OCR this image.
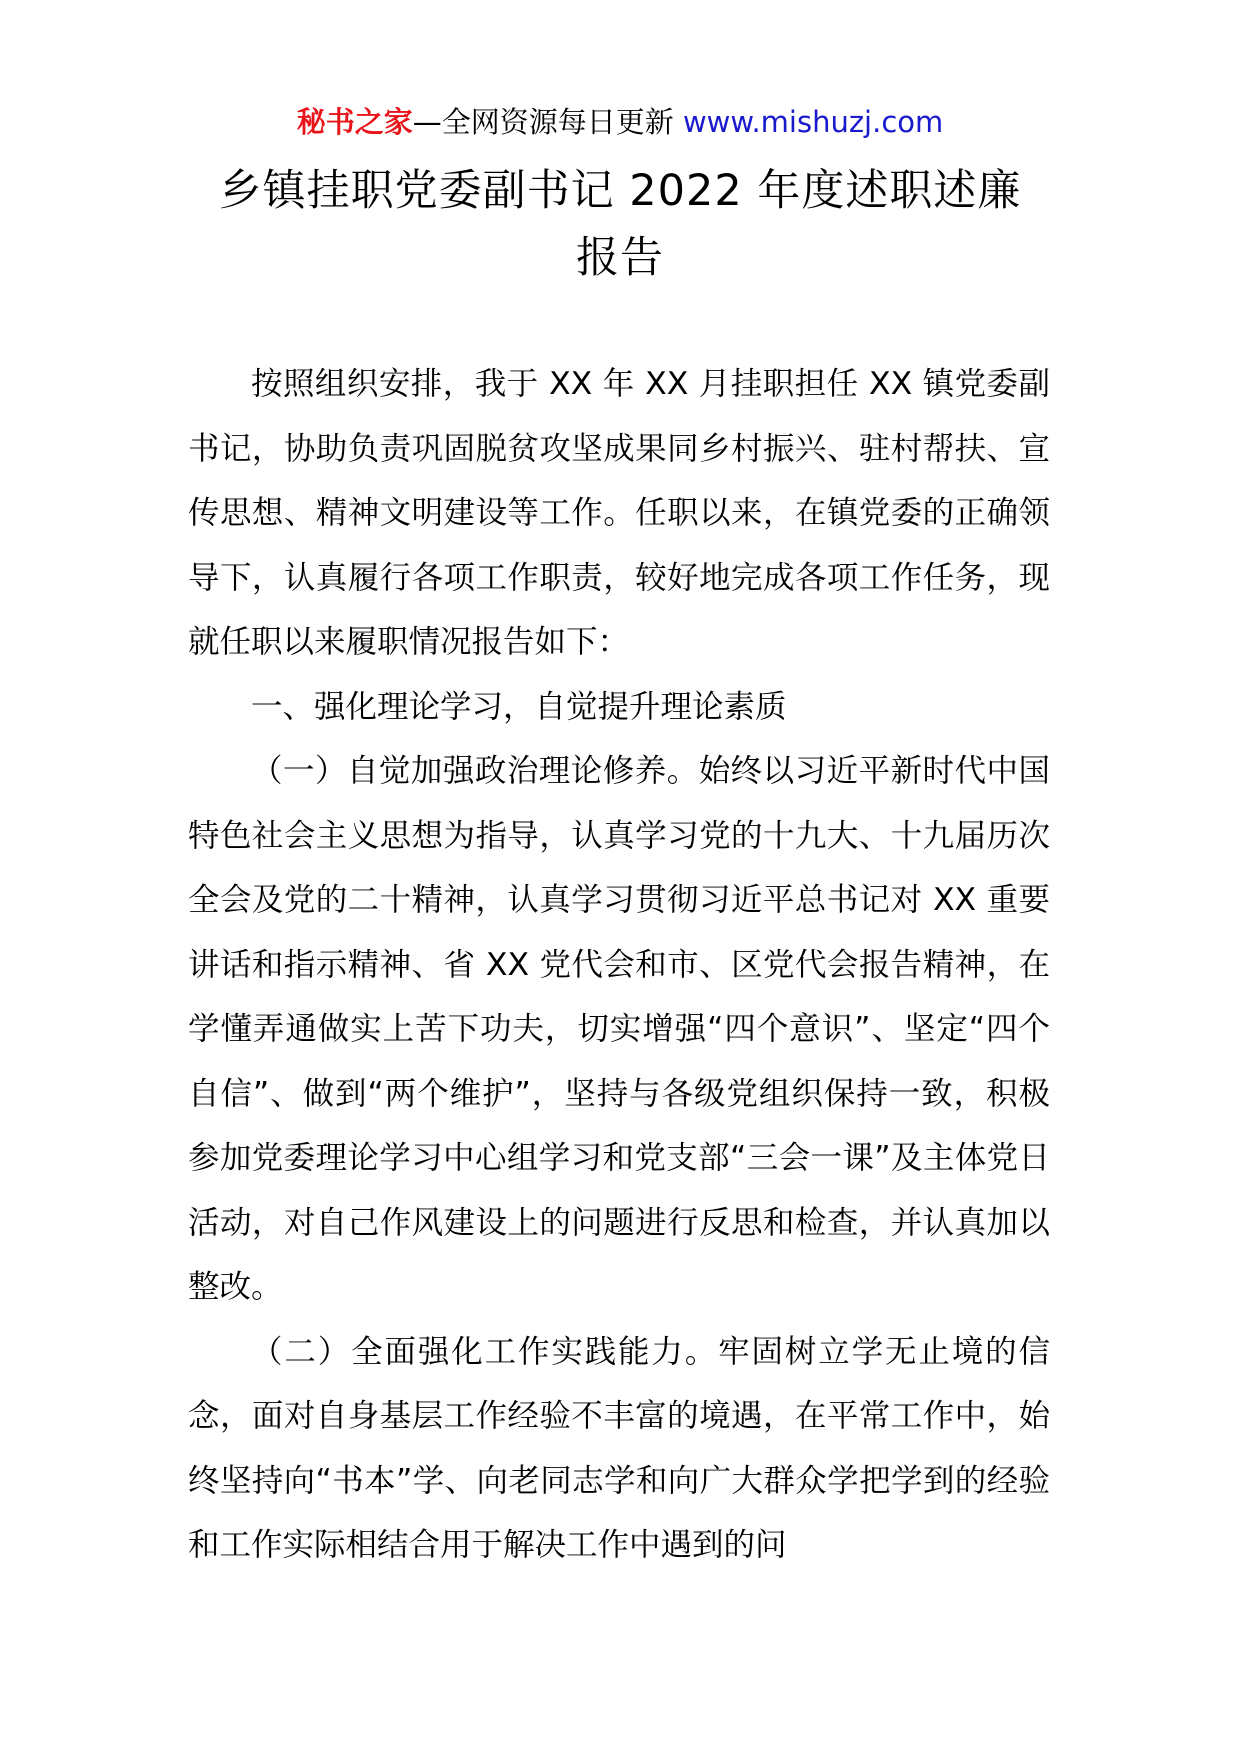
秘书之家—全网资源每日更新 www.mishuzj.com
乡镇挂职党委副书记 2022 年度述职述廉
报告

按照组织安排，我于 XX 年 XX 月挂职担任 XX 镇党委副书记，协助负责巩固脱贫攻坚成果同乡村振兴、驻村帮扶、宣传思想、精神文明建设等工作。任职以来，在镇党委的正确领导下，认真履行各项工作职责，较好地完成各项工作任务，现就任职以来履职情况报告如下：

一、强化理论学习，自觉提升理论素质

（一）自觉加强政治理论修养。始终以习近平新时代中国特色社会主义思想为指导，认真学习党的十九大、十九届历次全会及党的二十精神，认真学习贯彻习近平总书记对 XX 重要讲话和指示精神、省 XX 党代会和市、区党代会报告精神，在学懂弄通做实上苦下功夫，切实增强“四个意识”、坚定“四个自信”、做到“两个维护”，坚持与各级党组织保持一致，积极参加党委理论学习中心组学习和党支部“三会一课”及主体党日活动，对自己作风建设上的问题进行反思和检查，并认真加以整改。

（二）全面强化工作实践能力。牢固树立学无止境的信念，面对自身基层工作经验不丰富的境遇，在平常工作中，始终坚持向“书本”学、向老同志学和向广大群众学把学到的经验和工作实际相结合用于解决工作中遇到的问
